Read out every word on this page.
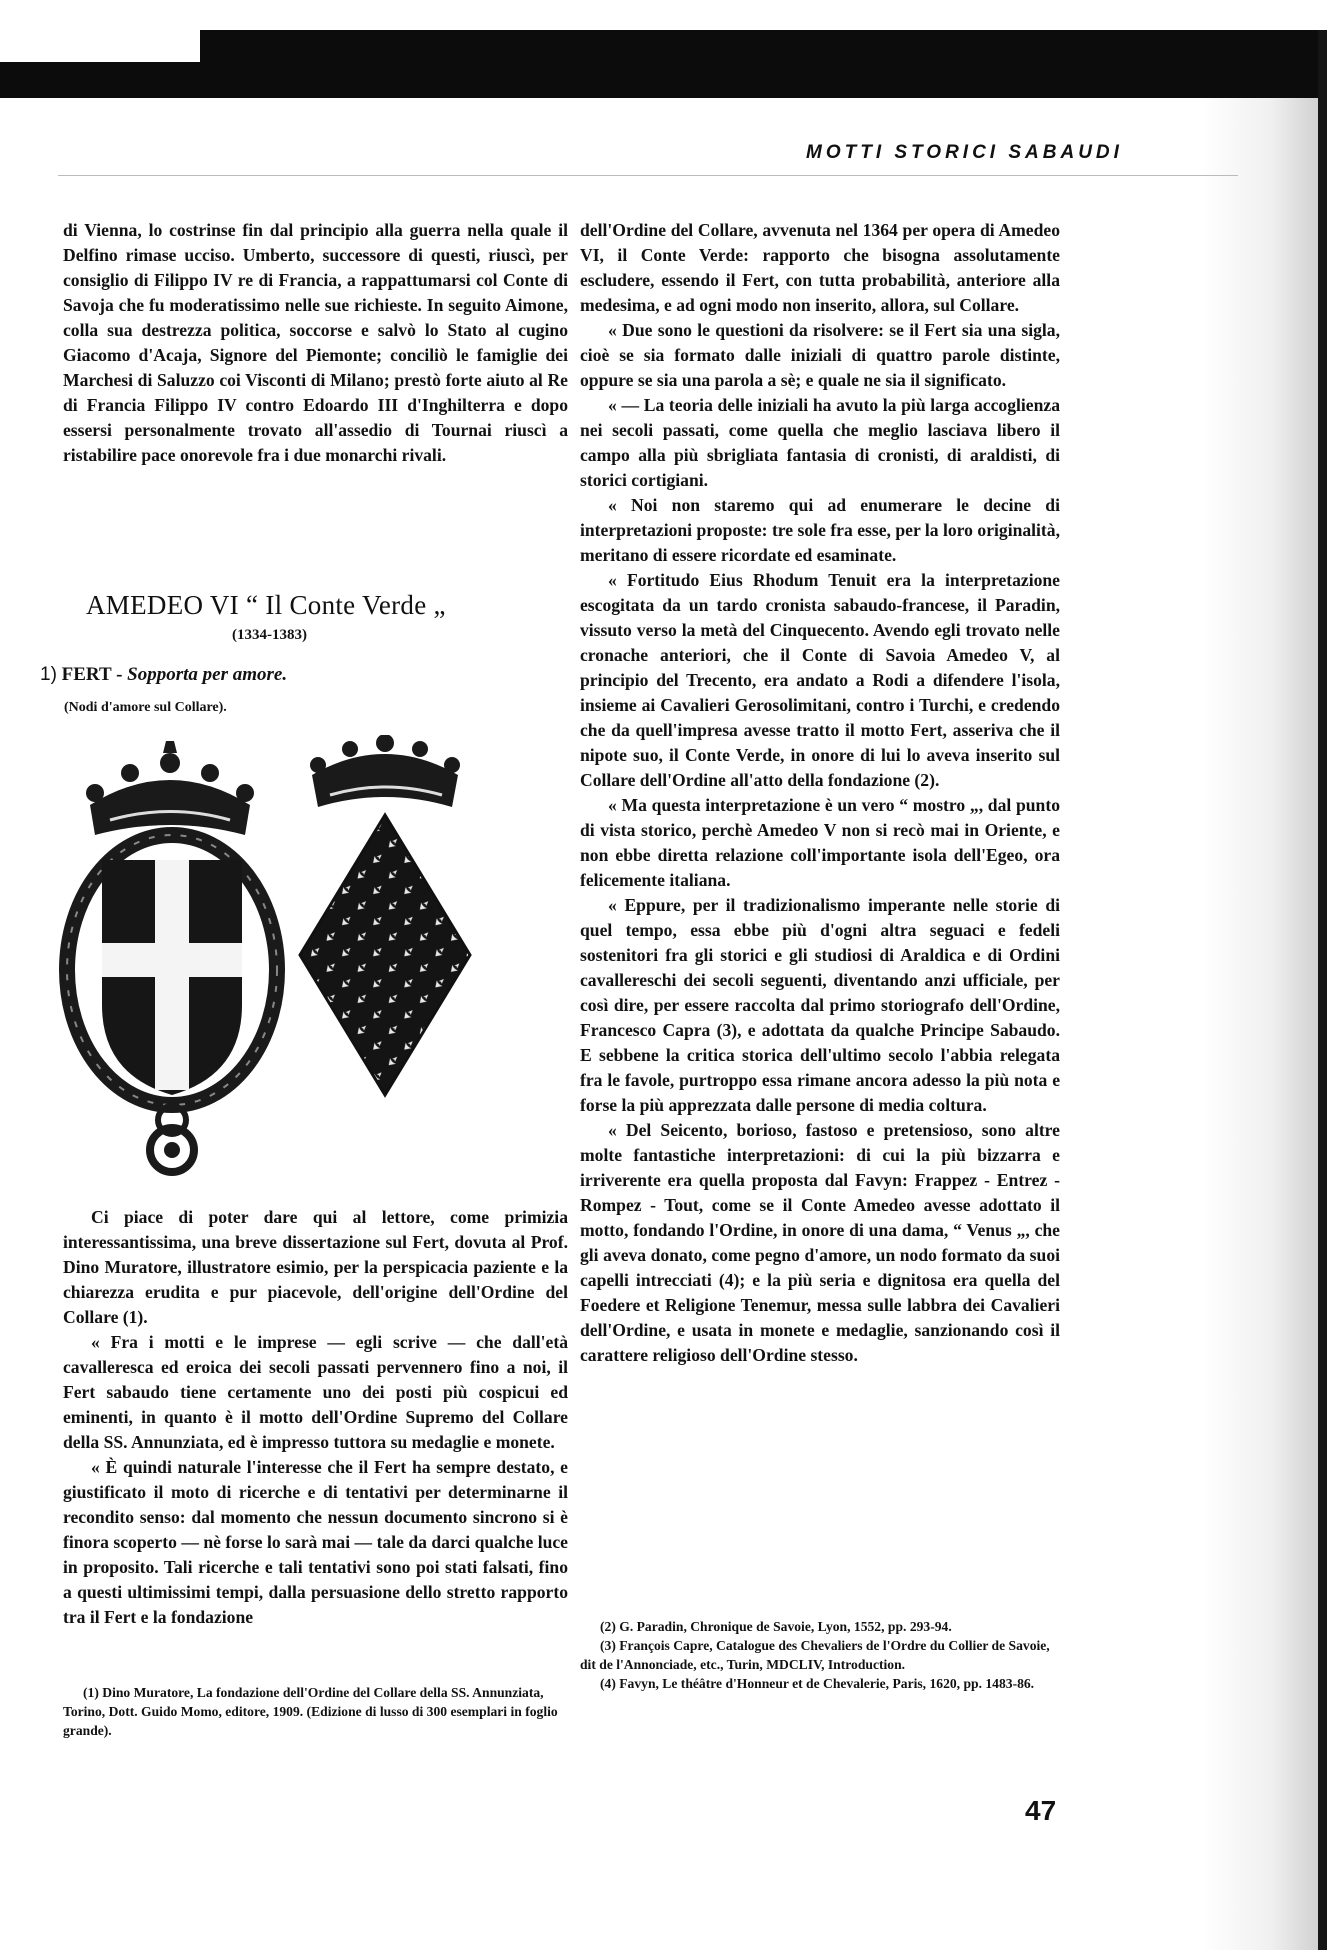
MOTTI STORICI SABAUDI

di Vienna, lo costrinse fin dal principio alla guerra nella quale il Delfino rimase ucciso. Umberto, successore di questi, riuscì, per consiglio di Filippo IV re di Francia, a rappattumarsi col Conte di Savoja che fu moderatissimo nelle sue richieste. In seguito Aimone, colla sua destrezza politica, soccorse e salvò lo Stato al cugino Giacomo d'Acaja, Signore del Piemonte; conciliò le famiglie dei Marchesi di Saluzzo coi Visconti di Milano; prestò forte aiuto al Re di Francia Filippo IV contro Edoardo III d'Inghilterra e dopo essersi personalmente trovato all'assedio di Tournai riuscì a ristabilire pace onorevole fra i due monarchi rivali.

AMEDEO VI “ Il Conte Verde „
(1334-1383)
1) FERT - Sopporta per amore.
(Nodi d'amore sul Collare).

Ci piace di poter dare qui al lettore, come primizia interessantissima, una breve dissertazione sul Fert, dovuta al Prof. Dino Muratore, illustratore esimio, per la perspicacia paziente e la chiarezza erudita e pur piacevole, dell'origine dell'Ordine del Collare (1).

« Fra i motti e le imprese — egli scrive — che dall'età cavalleresca ed eroica dei secoli passati pervennero fino a noi, il Fert sabaudo tiene certamente uno dei posti più cospicui ed eminenti, in quanto è il motto dell'Ordine Supremo del Collare della SS. Annunziata, ed è impresso tuttora su medaglie e monete.

« È quindi naturale l'interesse che il Fert ha sempre destato, e giustificato il moto di ricerche e di tentativi per determinarne il recondito senso: dal momento che nessun documento sincrono si è finora scoperto — nè forse lo sarà mai — tale da darci qualche luce in proposito. Tali ricerche e tali tentativi sono poi stati falsati, fino a questi ultimissimi tempi, dalla persuasione dello stretto rapporto tra il Fert e la fondazione

(1) Dino Muratore, La fondazione dell'Ordine del Collare della SS. Annunziata, Torino, Dott. Guido Momo, editore, 1909. (Edizione di lusso di 300 esemplari in foglio grande).

dell'Ordine del Collare, avvenuta nel 1364 per opera di Amedeo VI, il Conte Verde: rapporto che bisogna assolutamente escludere, essendo il Fert, con tutta probabilità, anteriore alla medesima, e ad ogni modo non inserito, allora, sul Collare.

« Due sono le questioni da risolvere: se il Fert sia una sigla, cioè se sia formato dalle iniziali di quattro parole distinte, oppure se sia una parola a sè; e quale ne sia il significato.

« — La teoria delle iniziali ha avuto la più larga accoglienza nei secoli passati, come quella che meglio lasciava libero il campo alla più sbrigliata fantasia di cronisti, di araldisti, di storici cortigiani.

« Noi non staremo qui ad enumerare le decine di interpretazioni proposte: tre sole fra esse, per la loro originalità, meritano di essere ricordate ed esaminate.

« Fortitudo Eius Rhodum Tenuit era la interpretazione escogitata da un tardo cronista sabaudo-francese, il Paradin, vissuto verso la metà del Cinquecento. Avendo egli trovato nelle cronache anteriori, che il Conte di Savoia Amedeo V, al principio del Trecento, era andato a Rodi a difendere l'isola, insieme ai Cavalieri Gerosolimitani, contro i Turchi, e credendo che da quell'impresa avesse tratto il motto Fert, asseriva che il nipote suo, il Conte Verde, in onore di lui lo aveva inserito sul Collare dell'Ordine all'atto della fondazione (2).

« Ma questa interpretazione è un vero “ mostro „, dal punto di vista storico, perchè Amedeo V non si recò mai in Oriente, e non ebbe diretta relazione coll'importante isola dell'Egeo, ora felicemente italiana.

« Eppure, per il tradizionalismo imperante nelle storie di quel tempo, essa ebbe più d'ogni altra seguaci e fedeli sostenitori fra gli storici e gli studiosi di Araldica e di Ordini cavallereschi dei secoli seguenti, diventando anzi ufficiale, per così dire, per essere raccolta dal primo storiografo dell'Ordine, Francesco Capra (3), e adottata da qualche Principe Sabaudo. E sebbene la critica storica dell'ultimo secolo l'abbia relegata fra le favole, purtroppo essa rimane ancora adesso la più nota e forse la più apprezzata dalle persone di media coltura.

« Del Seicento, borioso, fastoso e pretensioso, sono altre molte fantastiche interpretazioni: di cui la più bizzarra e irriverente era quella proposta dal Favyn: Frappez - Entrez - Rompez - Tout, come se il Conte Amedeo avesse adottato il motto, fondando l'Ordine, in onore di una dama, “ Venus „, che gli aveva donato, come pegno d'amore, un nodo formato da suoi capelli intrecciati (4); e la più seria e dignitosa era quella del Foedere et Religione Tenemur, messa sulle labbra dei Cavalieri dell'Ordine, e usata in monete e medaglie, sanzionando così il carattere religioso dell'Ordine stesso.

(2) G. Paradin, Chronique de Savoie, Lyon, 1552, pp. 293-94.

(3) François Capre, Catalogue des Chevaliers de l'Ordre du Collier de Savoie, dit de l'Annonciade, etc., Turin, MDCLIV, Introduction.

(4) Favyn, Le théâtre d'Honneur et de Chevalerie, Paris, 1620, pp. 1483-86.

47
